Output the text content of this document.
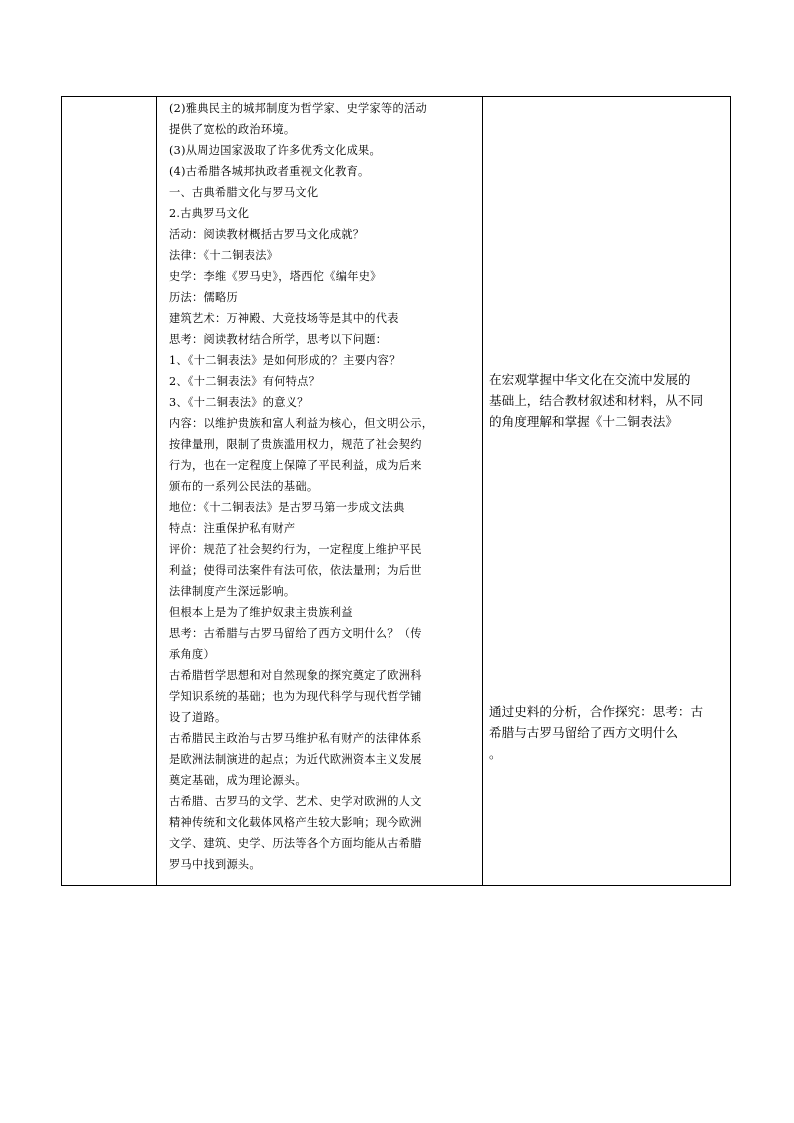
(2)雅典民主的城邦制度为哲学家、史学家等的活动
提供了宽松的政治环境。
(3)从周边国家汲取了许多优秀文化成果。
(4)古希腊各城邦执政者重视文化教育。
一、古典希腊文化与罗马文化
2.古典罗马文化
活动：阅读教材概括古罗马文化成就？
法律：《十二铜表法》
史学：李维《罗马史》，塔西佗《编年史》
历法：儒略历
建筑艺术：万神殿、大竞技场等是其中的代表
思考：阅读教材结合所学，思考以下问题：
1、《十二铜表法》是如何形成的？主要内容？
2、《十二铜表法》有何特点？
3、《十二铜表法》的意义？
内容：以维护贵族和富人利益为核心，但文明公示，
按律量刑，限制了贵族滥用权力，规范了社会契约
行为，也在一定程度上保障了平民利益，成为后来
颁布的一系列公民法的基础。
地位：《十二铜表法》是古罗马第一步成文法典
特点：注重保护私有财产
评价：规范了社会契约行为，一定程度上维护平民
利益；使得司法案件有法可依，依法量刑；为后世
法律制度产生深远影响。
但根本上是为了维护奴隶主贵族利益
思考：古希腊与古罗马留给了西方文明什么？（传
承角度）
古希腊哲学思想和对自然现象的探究奠定了欧洲科
学知识系统的基础；也为为现代科学与现代哲学铺
设了道路。
古希腊民主政治与古罗马维护私有财产的法律体系
是欧洲法制演进的起点；为近代欧洲资本主义发展
奠定基础，成为理论源头。
古希腊、古罗马的文学、艺术、史学对欧洲的人文
精神传统和文化载体风格产生较大影响；现今欧洲
文学、建筑、史学、历法等各个方面均能从古希腊
罗马中找到源头。
在宏观掌握中华文化在交流中发展的
基础上，结合教材叙述和材料，从不同
的角度理解和掌握《十二铜表法》
通过史料的分析，合作探究：思考：古
希腊与古罗马留给了西方文明什么
。
